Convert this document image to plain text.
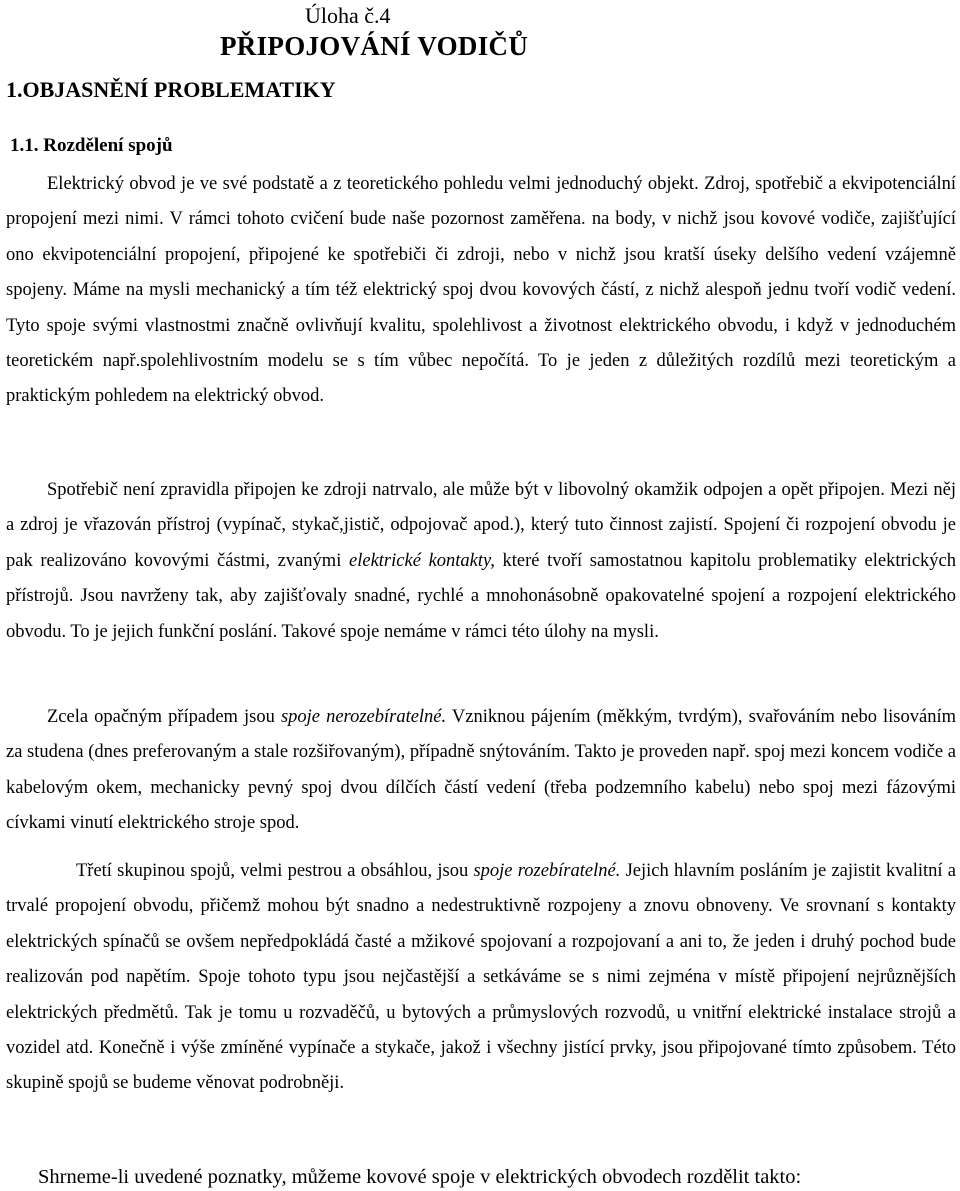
Úloha č.4
PŘIPOJOVÁNÍ VODIČŮ
1.OBJASNĚNÍ PROBLEMATIKY
1.1. Rozdělení spojů

Elektrický obvod je ve své podstatě a z teoretického pohledu velmi jednoduchý objekt. Zdroj, spotřebič a ekvipotenciální propojení mezi nimi. V rámci tohoto cvičení bude naše pozornost zaměřena. na body, v nichž jsou kovové vodiče, zajišťující ono ekvipotenciální propojení, připojené ke spotřebiči či zdroji, nebo v nichž jsou kratší úseky delšího vedení vzájemně spojeny. Máme na mysli mechanický a tím též elektrický spoj dvou kovových částí, z nichž alespoň jednu tvoří vodič vedení. Tyto spoje svými vlastnostmi značně ovlivňují kvalitu, spolehlivost a životnost elektrického obvodu, i když v jednoduchém teoretickém např.spolehlivostním modelu se s tím vůbec nepočítá. To je jeden z důležitých rozdílů mezi teoretickým a praktickým pohledem na elektrický obvod.

Spotřebič není zpravidla připojen ke zdroji natrvalo, ale může být v libovolný okamžik odpojen a opět připojen. Mezi něj a zdroj je vřazován přístroj (vypínač, stykač,jistič, odpojovač apod.), který tuto činnost zajistí. Spojení či rozpojení obvodu je pak realizováno kovovými částmi, zvanými elektrické kontakty, které tvoří samostatnou kapitolu problematiky elektrických přístrojů. Jsou navrženy tak, aby zajišťovaly snadné, rychlé a mnohonásobně opakovatelné spojení a rozpojení elektrického obvodu. To je jejich funkční poslání. Takové spoje nemáme v rámci této úlohy na mysli.

Zcela opačným případem jsou spoje nerozebíratelné. Vzniknou pájením (měkkým, tvrdým), svařováním nebo lisováním za studena (dnes preferovaným a stale rozšiřovaným), případně snýtováním. Takto je proveden např. spoj mezi koncem vodiče a kabelovým okem, mechanicky pevný spoj dvou dílčích částí vedení (třeba podzemního kabelu) nebo spoj mezi fázovými cívkami vinutí elektrického stroje spod.

Třetí skupinou spojů, velmi pestrou a obsáhlou, jsou spoje rozebíratelné. Jejich hlavním posláním je zajistit kvalitní a trvalé propojení obvodu, přičemž mohou být snadno a nedestruktivně rozpojeny a znovu obnoveny. Ve srovnaní s kontakty elektrických spínačů se ovšem nepředpokládá časté a mžikové spojovaní a rozpojovaní a ani to, že jeden i druhý pochod bude realizován pod napětím. Spoje tohoto typu jsou nejčastější a setkáváme se s nimi zejména v místě připojení nejrůznějších elektrických předmětů. Tak je tomu u rozvaděčů, u bytových a průmyslových rozvodů, u vnitřní elektrické instalace strojů a vozidel atd. Konečně i výše zmíněné vypínače a stykače, jakož i všechny jistící prvky, jsou připojované tímto způsobem. Této skupině spojů se budeme věnovat podrobněji.

Shrneme-li uvedené poznatky, můžeme kovové spoje v elektrických obvodech rozdělit takto:
